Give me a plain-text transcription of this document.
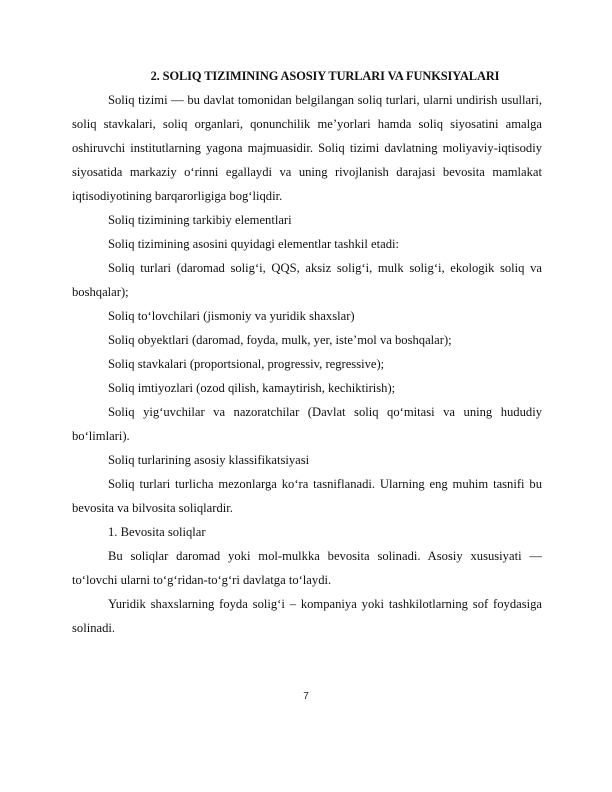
2. SOLIQ TIZIMINING ASOSIY TURLARI VA FUNKSIYALARI

Soliq tizimi — bu davlat tomonidan belgilangan soliq turlari, ularni undirish usullari, soliq stavkalari, soliq organlari, qonunchilik me’yorlari hamda soliq siyosatini amalga oshiruvchi institutlarning yagona majmuasidir. Soliq tizimi davlatning moliyaviy-iqtisodiy siyosatida markaziy o‘rinni egallaydi va uning rivojlanish darajasi bevosita mamlakat iqtisodiyotining barqarorligiga bog‘liqdir.

Soliq tizimining tarkibiy elementlari

Soliq tizimining asosini quyidagi elementlar tashkil etadi:

Soliq turlari (daromad solig‘i, QQS, aksiz solig‘i, mulk solig‘i, ekologik soliq va boshqalar);

Soliq to‘lovchilari (jismoniy va yuridik shaxslar)

Soliq obyektlari (daromad, foyda, mulk, yer, iste’mol va boshqalar);

Soliq stavkalari (proportsional, progressiv, regressive);

Soliq imtiyozlari (ozod qilish, kamaytirish, kechiktirish);

Soliq yig‘uvchilar va nazoratchilar (Davlat soliq qo‘mitasi va uning hududiy bo‘limlari).

Soliq turlarining asosiy klassifikatsiyasi

Soliq turlari turlicha mezonlarga ko‘ra tasniflanadi. Ularning eng muhim tasnifi bu bevosita va bilvosita soliqlardir.

1. Bevosita soliqlar

Bu soliqlar daromad yoki mol-mulkka bevosita solinadi. Asosiy xususiyati — to‘lovchi ularni to‘g‘ridan-to‘g‘ri davlatga to‘laydi.

Yuridik shaxslarning foyda solig‘i – kompaniya yoki tashkilotlarning sof foydasiga solinadi.

7
